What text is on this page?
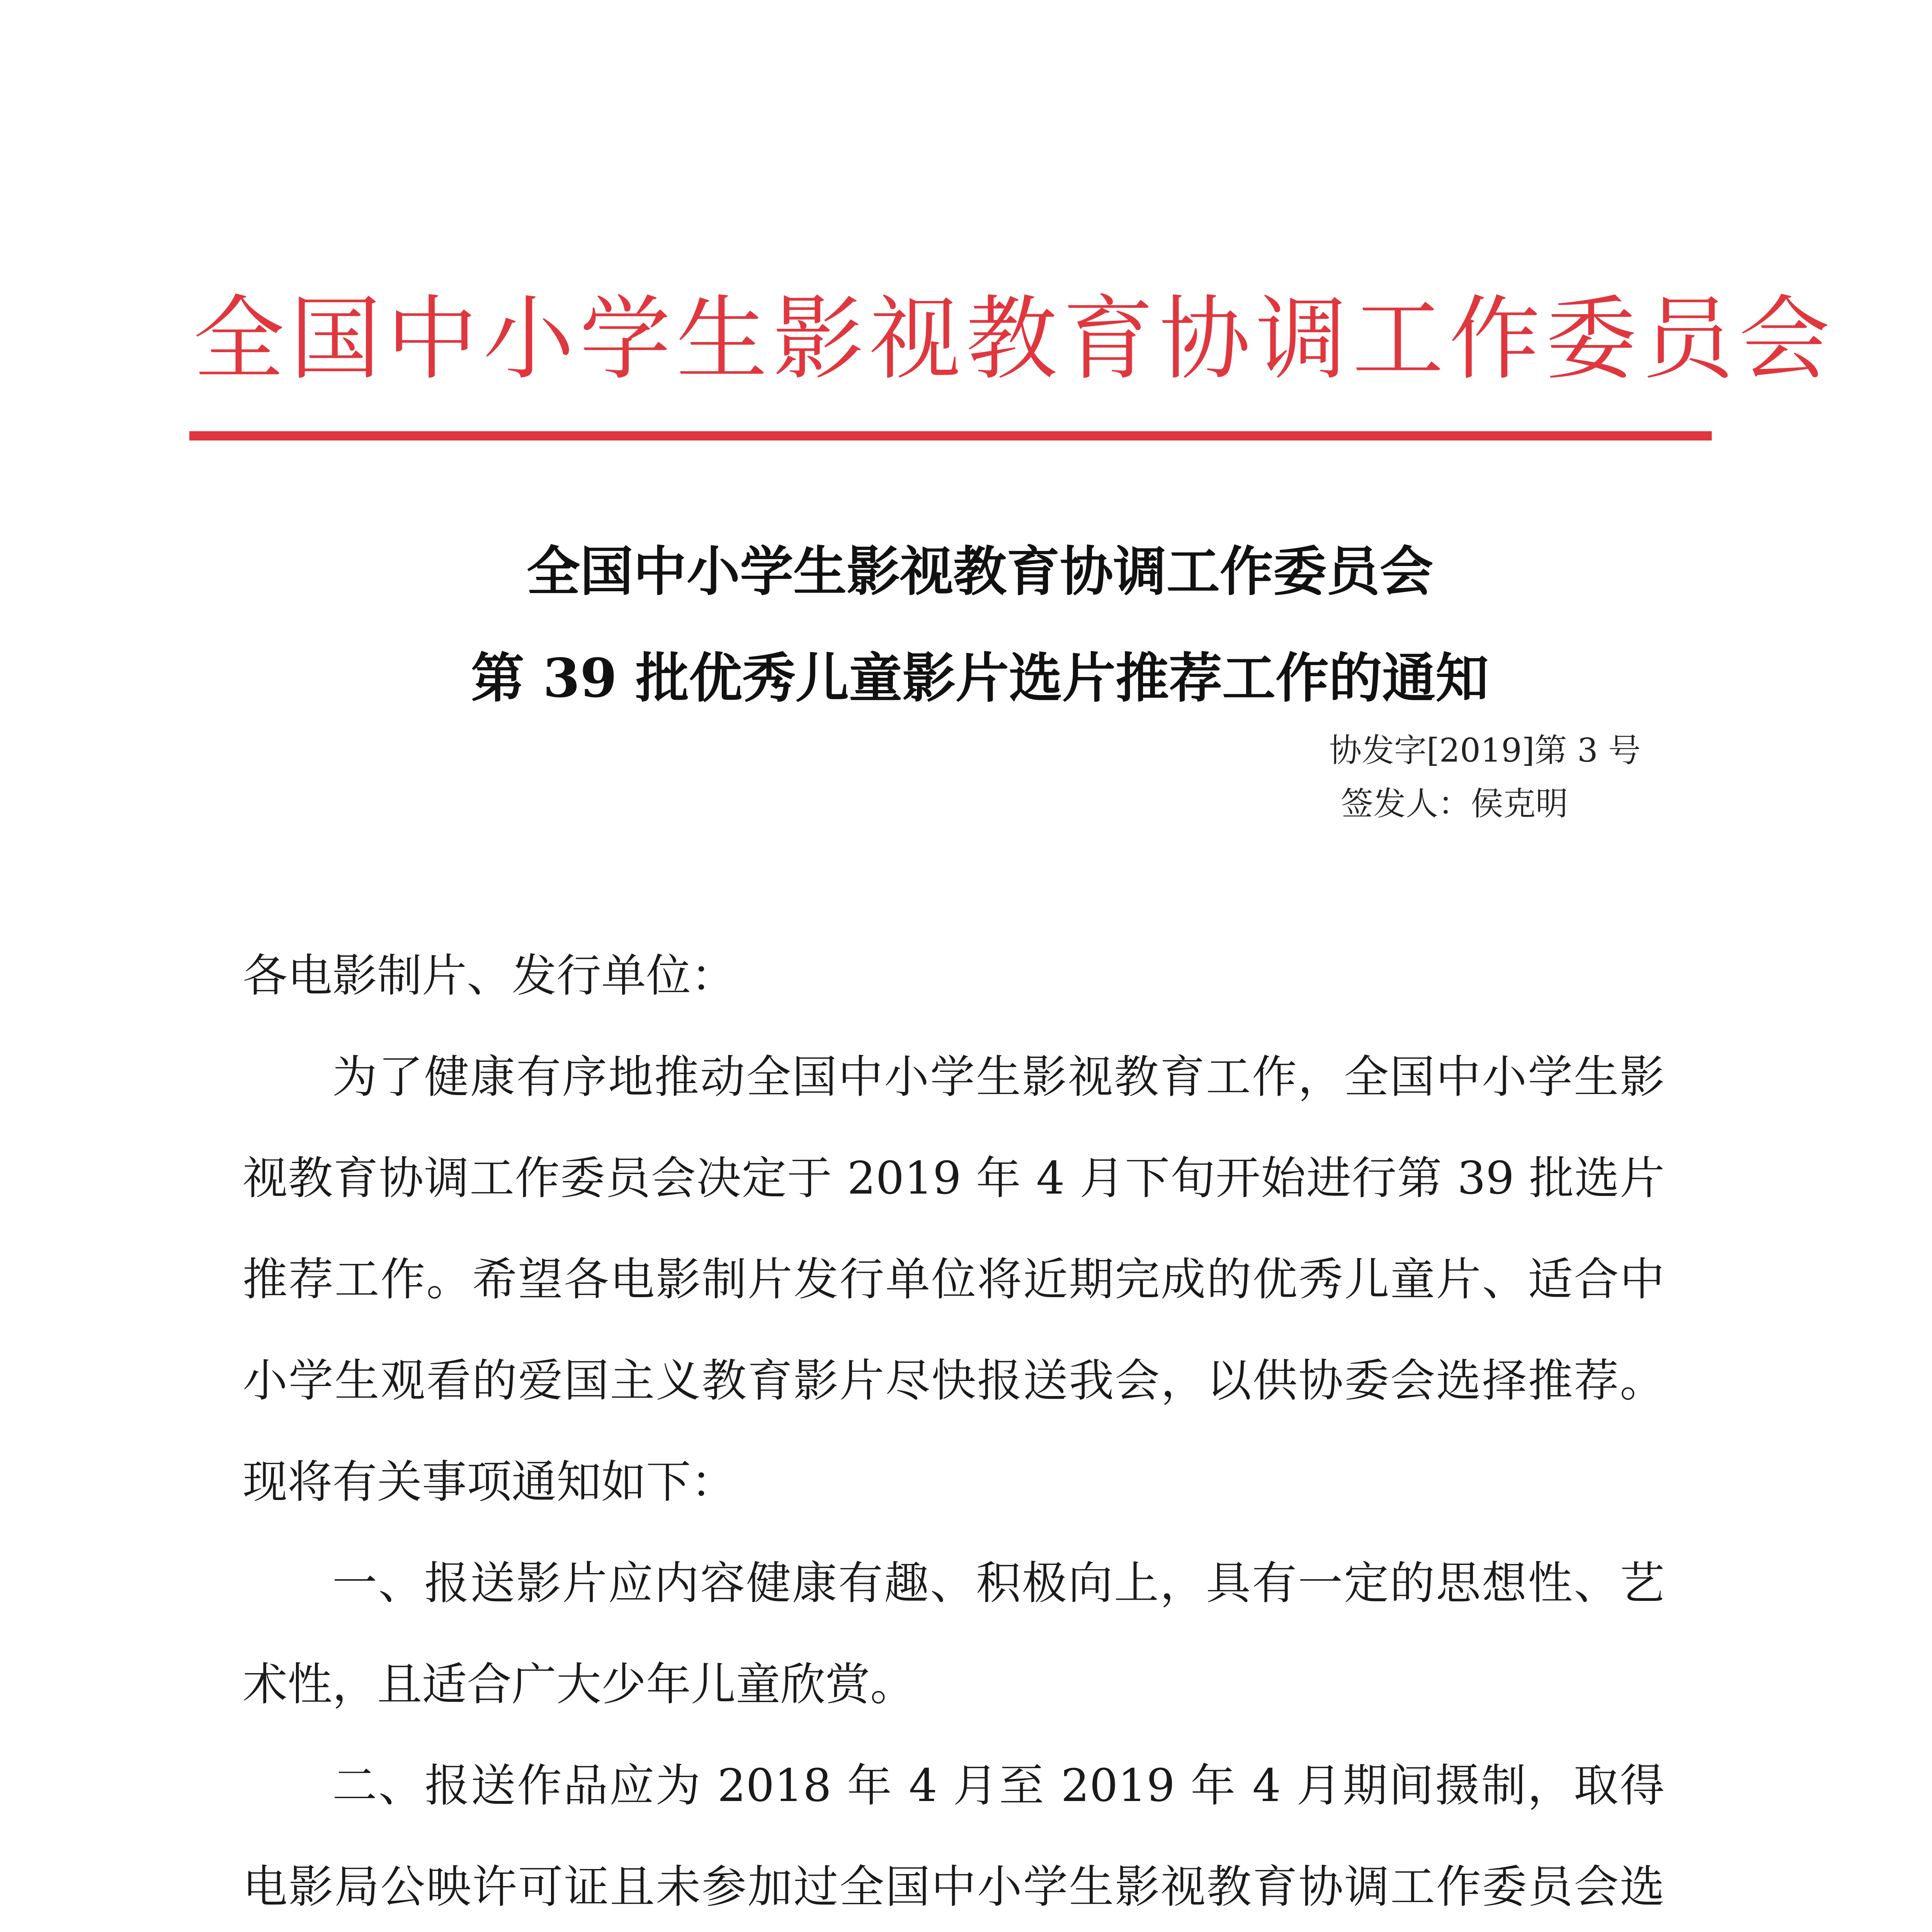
全国中小学生影视教育协调工作委员会
全国中小学生影视教育协调工作委员会
第 39 批优秀儿童影片选片推荐工作的通知
协发字[2019]第 3 号
签发人：侯克明

各电影制片、发行单位：

为了健康有序地推动全国中小学生影视教育工作，全国中小学生影视教育协调工作委员会决定于 2019 年 4 月下旬开始进行第 39 批选片推荐工作。希望各电影制片发行单位将近期完成的优秀儿童片、适合中小学生观看的爱国主义教育影片尽快报送我会，以供协委会选择推荐。现将有关事项通知如下：

一、报送影片应内容健康有趣、积极向上，具有一定的思想性、艺术性，且适合广大少年儿童欣赏。

二、报送作品应为 2018 年 4 月至 2019 年 4 月期间摄制，取得电影局公映许可证且未参加过全国中小学生影视教育协调工作委员会选
